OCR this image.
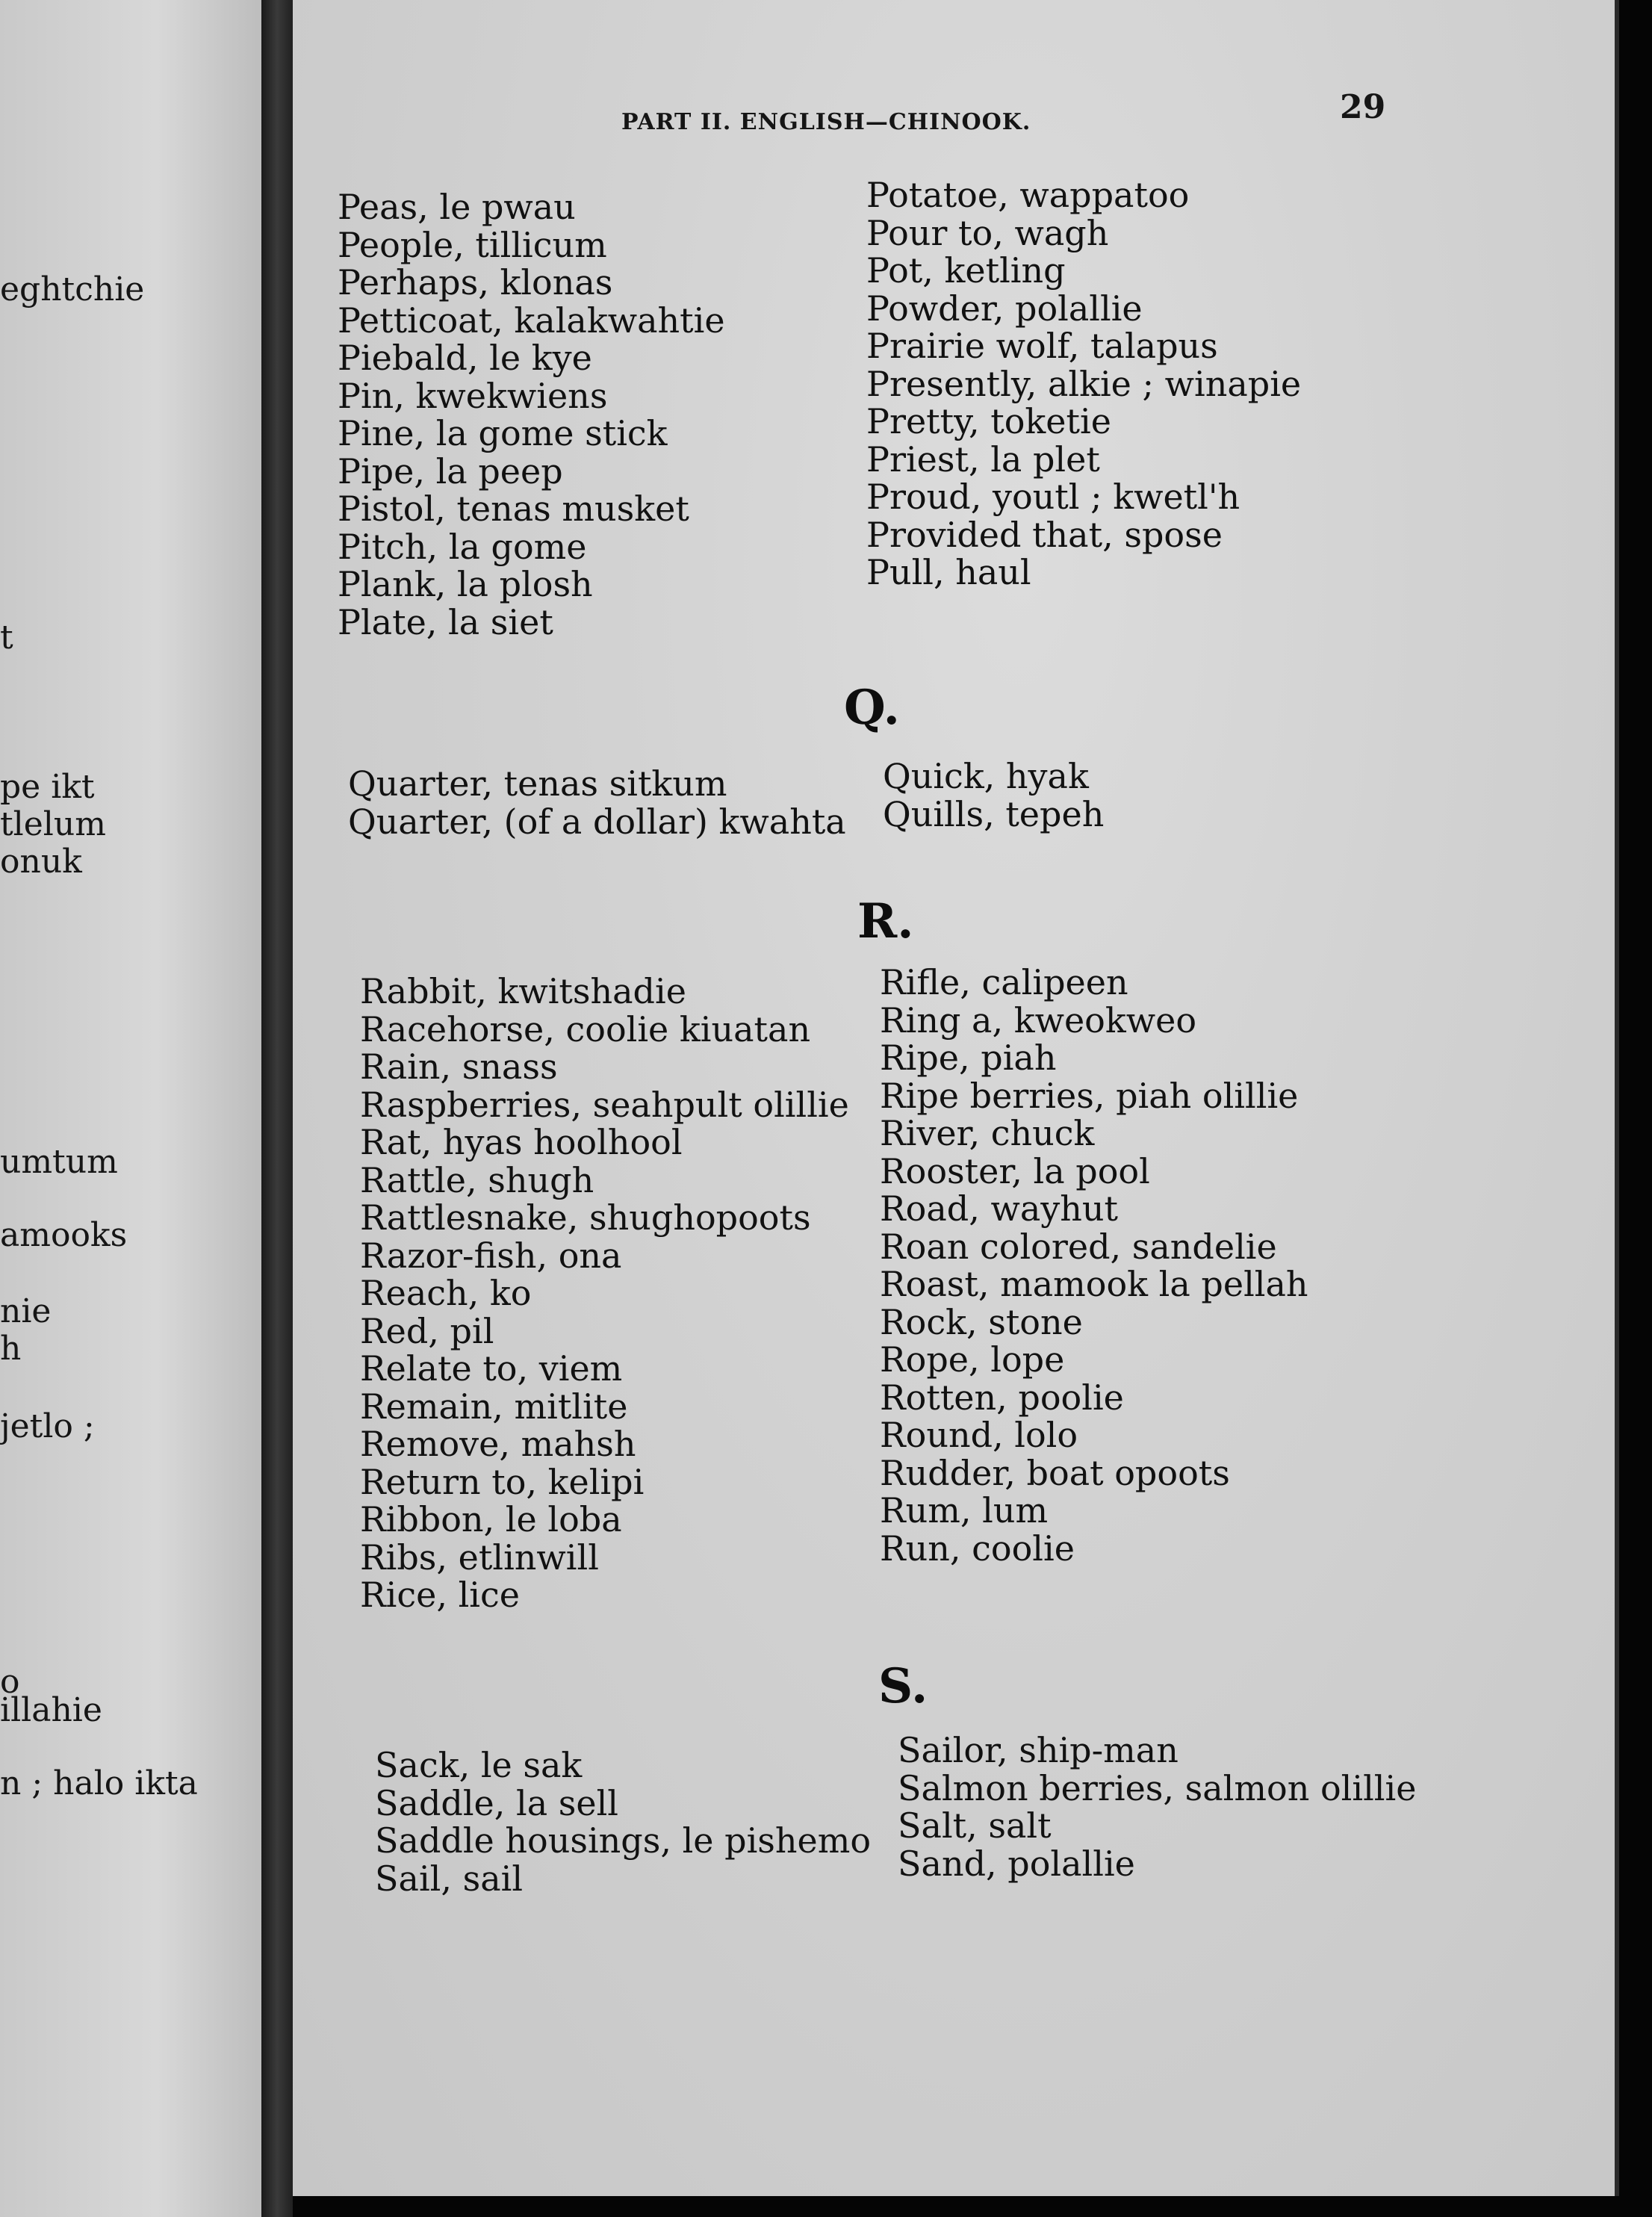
eghtchie
t
pe ikt
tlelum
onuk
umtum
amooks
nie
h
jetlo ;
o
illahie
n ; halo ikta
PART II. ENGLISH—CHINOOK.	29
Peas, le pwau
People, tillicum
Perhaps, klonas
Petticoat, kalakwahtie
Piebald, le kye
Pin, kwekwiens
Pine, la gome stick
Pipe, la peep
Pistol, tenas musket
Pitch, la gome
Plank, la plosh
Plate, la siet
Potatoe, wappatoo
Pour to, wagh
Pot, ketling
Powder, polallie
Prairie wolf, talapus
Presently, alkie ; winapie
Pretty, toketie
Priest, la plet
Proud, youtl ; kwetl'h
Provided that, spose
Pull, haul
Q.
Quarter, tenas sitkum
Quarter, (of a dollar) kwahta
Quick, hyak
Quills, tepeh
R.
Rabbit, kwitshadie
Racehorse, coolie kiuatan
Rain, snass
Raspberries, seahpult olillie
Rat, hyas hoolhool
Rattle, shugh
Rattlesnake, shughopoots
Razor-fish, ona
Reach, ko
Red, pil
Relate to, viem
Remain, mitlite
Remove, mahsh
Return to, kelipi
Ribbon, le loba
Ribs, etlinwill
Rice, lice
Rifle, calipeen
Ring a, kweokweo
Ripe, piah
Ripe berries, piah olillie
River, chuck
Rooster, la pool
Road, wayhut
Roan colored, sandelie
Roast, mamook la pellah
Rock, stone
Rope, lope
Rotten, poolie
Round, lolo
Rudder, boat opoots
Rum, lum
Run, coolie
S.
Sack, le sak
Saddle, la sell
Saddle housings, le pishemo
Sail, sail
Sailor, ship-man
Salmon berries, salmon olillie
Salt, salt
Sand, polallie
